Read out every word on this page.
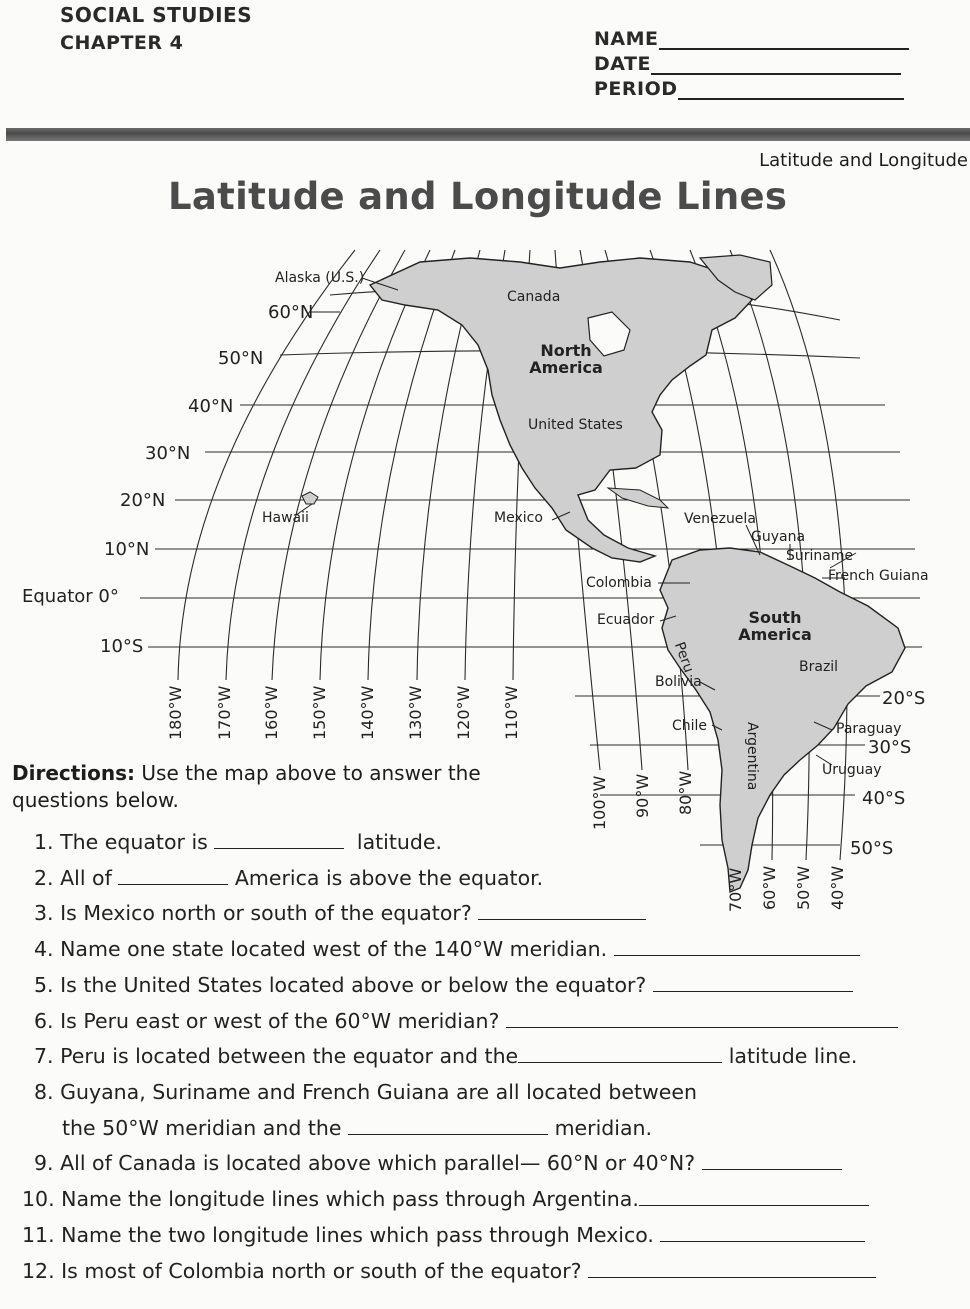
SOCIAL STUDIES
CHAPTER 4	NAME
DATE
PERIOD
Latitude and Longitude
Latitude and Longitude Lines
60°N
50°N
40°N
30°N
20°N
10°N
Equator 0°
10°S
20°S
30°S
40°S
50°S
180°W 170°W 160°W 150°W 140°W 130°W 120°W 110°W
100°W 90°W 80°W
70°W 60°W 50°W 40°W
Alaska (U.S.)
Canada
North America
United States
Hawaii	Mexico	Venezuela
Guyana
Suriname
French Guiana
Colombia
Ecuador
Peru
South America
Brazil
Bolivia
Chile	Argentina	Paraguay
Uruguay
Directions: Use the map above to answer the questions below.
1. The equator is	latitude.
2. All of	America is above the equator.
3. Is Mexico north or south of the equator?
4. Name one state located west of the 140°W meridian.
5. Is the United States located above or below the equator?
6. Is Peru east or west of the 60°W meridian?
7. Peru is located between the equator and the	latitude line.
8. Guyana, Suriname and French Guiana are all located between
the 50°W meridian and the	meridian.
9. All of Canada is located above which parallel— 60°N or 40°N?
10. Name the longitude lines which pass through Argentina.
11. Name the two longitude lines which pass through Mexico.
12. Is most of Colombia north or south of the equator?
